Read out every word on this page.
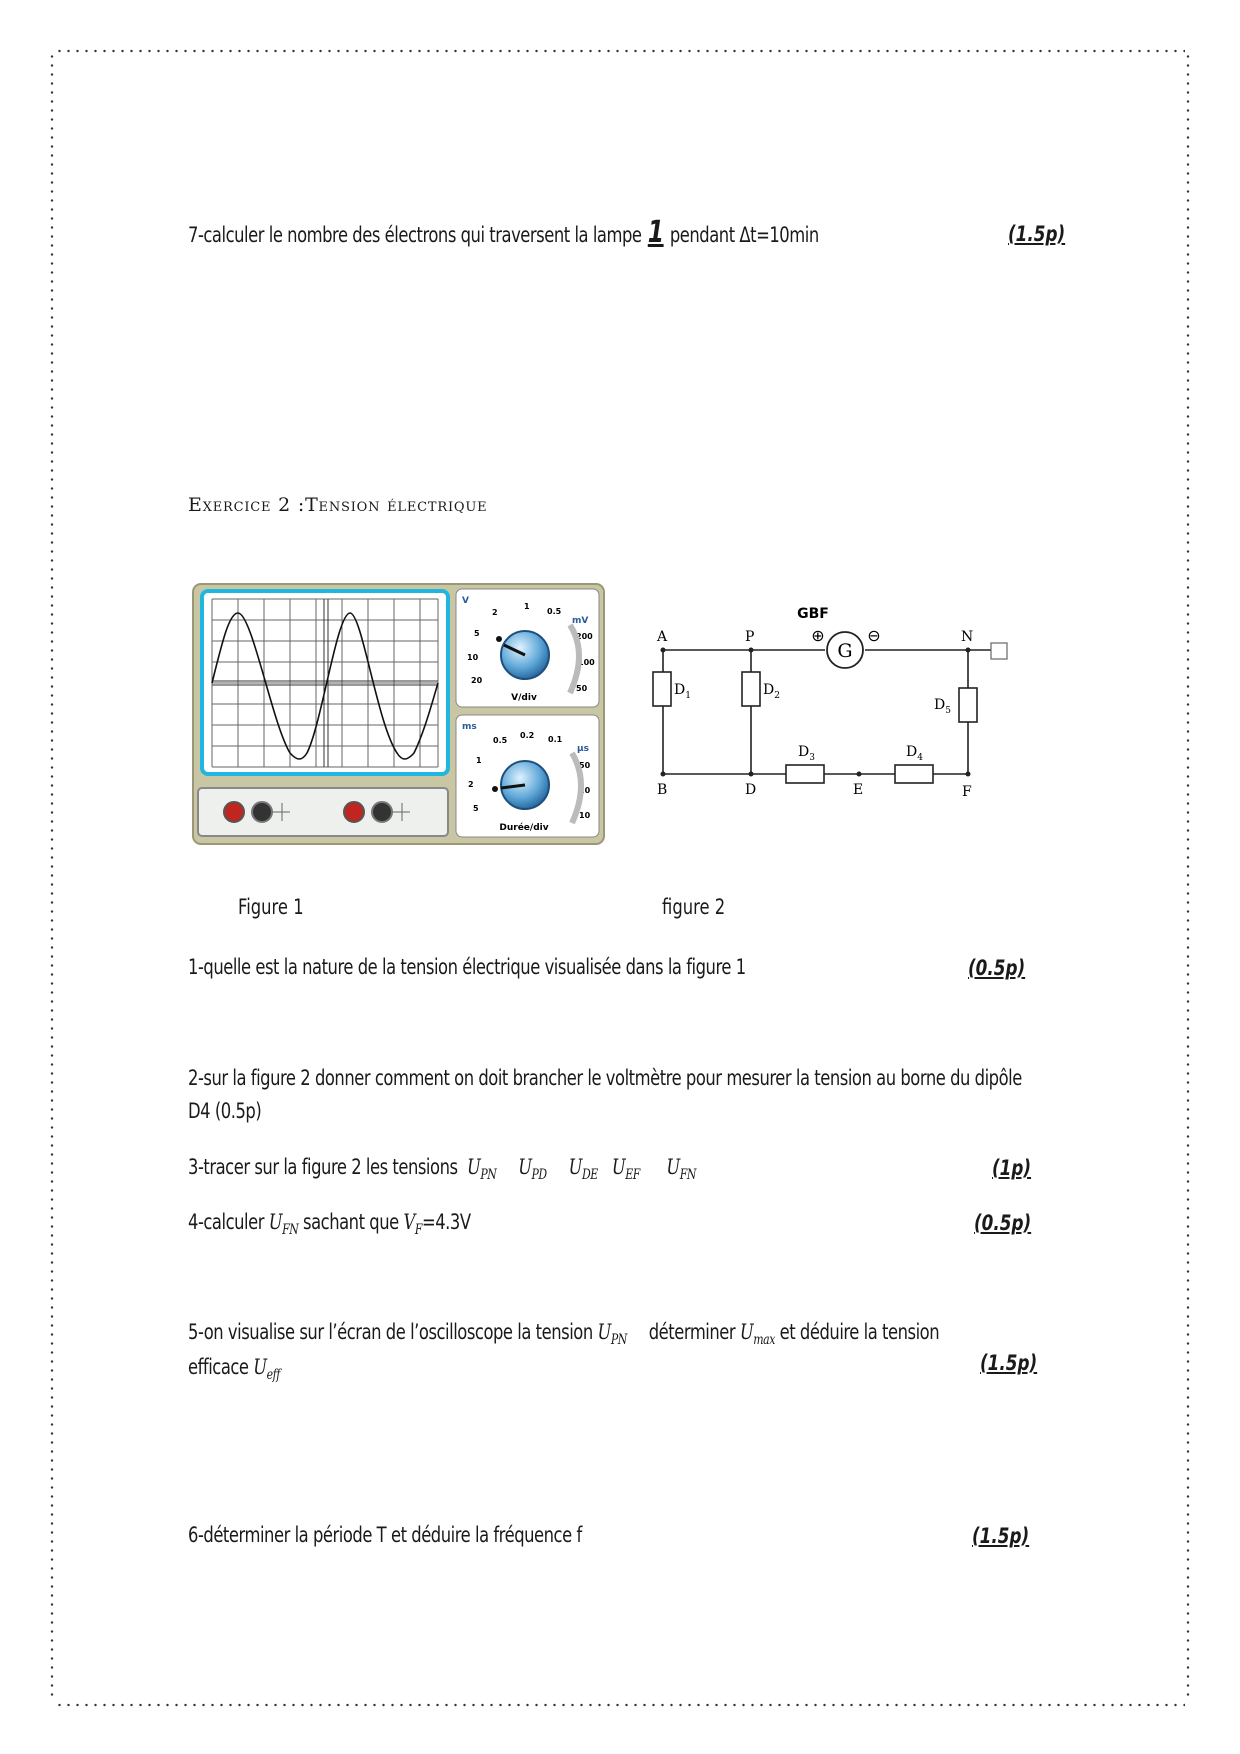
7-calculer le nombre des électrons qui traversent la lampe 1 pendant Δt=10min	(1.5p)
Exercice 2 :Tension électrique
V
2
1
0.5
5
10
20
mV
200
100
50
V/div
ms
0.5
0.2 0.1
1
2
5
μs
50
20
10
Durée/div
G
GBF
⊕	⊖
A	P	N
B	D	E	F
$D_1$	$D_2$
$D_3$	$D_4$
$D_5$
Figure 1	figure 2
1-quelle est la nature de la tension électrique visualisée dans la figure 1	(0.5p)
2-sur la figure 2 donner comment on doit brancher le voltmètre pour mesurer la tension au borne du dipôle
D4 (0.5p)
3-tracer sur la figure 2 les tensions $U_{PN}$ $U_{PD}$ $U_{DE}$ $U_{EF}$ $U_{FN}$	(1p)
4-calculer $U_{FN}$ sachant que $V_F=4.3V$	(0.5p)
5-on visualise sur l’écran de l’oscilloscope la tension $U_{PN}$ déterminer $U_{max}$ et déduire la tension
efficace $U_{eff}$
(1.5p)
6-déterminer la période T et déduire la fréquence f	(1.5p)
